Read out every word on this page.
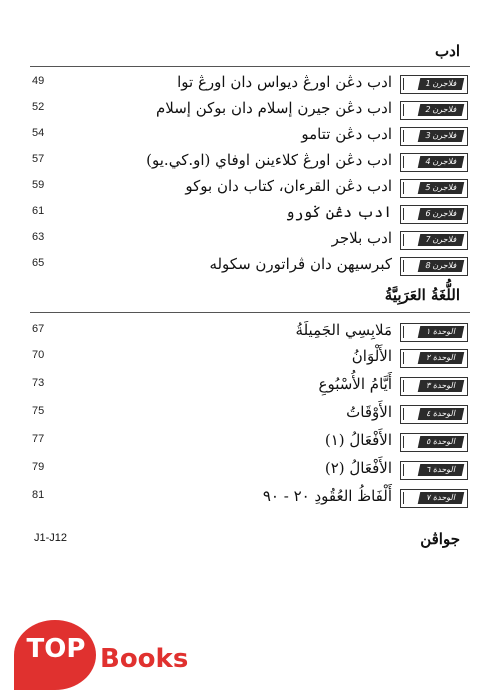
ادب
49	ادب دڠن اورڠ ديواس دان اورڠ توا	فلاجرن 1
52	ادب دڠن جيرن إسلام دان بوكن إسلام	فلاجرن 2
54	ادب دڠن تتامو	فلاجرن 3
57	ادب دڠن اورڠ كلاءينن اوفاي (او.كي.يو)	فلاجرن 4
59	ادب دڠن القرءان، كتاب دان بوكو	فلاجرن 5
61	ادب دڠن ݢورو	فلاجرن 6
63	ادب بلاجر	فلاجرن 7
65	كبرسيهن دان ڤراتورن سكوله	فلاجرن 8
اللُّغَةُ العَرَبِيَّةُ
67	مَلابِسِي الجَمِيلَةُ	الوحدة ١
70	الأَلْوَانُ	الوحدة ٢
73	أَيَّامُ الأُسْبُوعِ	الوحدة ٣
75	الأَوْقَاتُ	الوحدة ٤
77	الأَفْعَالُ (١)	الوحدة ٥
79	الأَفْعَالُ (٢)	الوحدة ٦
81	أَلْفَاظُ العُقُودِ ٢٠ - ٩٠	الوحدة ٧
J1-J12	جواڤن
TOP Books
